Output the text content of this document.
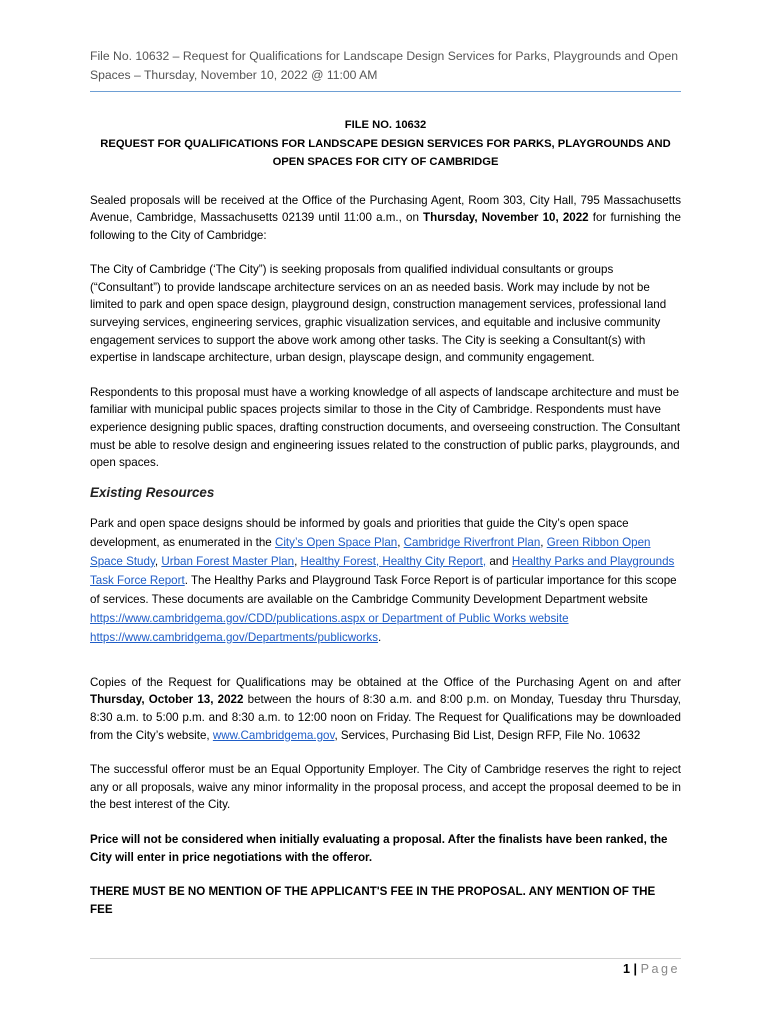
File No. 10632 – Request for Qualifications for Landscape Design Services for Parks, Playgrounds and Open Spaces – Thursday, November 10, 2022 @ 11:00 AM
FILE NO. 10632
REQUEST FOR QUALIFICATIONS FOR LANDSCAPE DESIGN SERVICES FOR PARKS, PLAYGROUNDS AND
OPEN SPACES FOR CITY OF CAMBRIDGE

Sealed proposals will be received at the Office of the Purchasing Agent, Room 303, City Hall, 795 Massachusetts Avenue, Cambridge, Massachusetts 02139 until 11:00 a.m., on Thursday, November 10, 2022 for furnishing the following to the City of Cambridge:

The City of Cambridge (‘The City”) is seeking proposals from qualified individual consultants or groups (“Consultant”) to provide landscape architecture services on an as needed basis. Work may include by not be limited to park and open space design, playground design, construction management services, professional land surveying services, engineering services, graphic visualization services, and equitable and inclusive community engagement services to support the above work among other tasks. The City is seeking a Consultant(s) with expertise in landscape architecture, urban design, playscape design, and community engagement.

Respondents to this proposal must have a working knowledge of all aspects of landscape architecture and must be familiar with municipal public spaces projects similar to those in the City of Cambridge. Respondents must have experience designing public spaces, drafting construction documents, and overseeing construction. The Consultant must be able to resolve design and engineering issues related to the construction of public parks, playgrounds, and open spaces.

Existing Resources

Park and open space designs should be informed by goals and priorities that guide the City’s open space development, as enumerated in the City’s Open Space Plan, Cambridge Riverfront Plan, Green Ribbon Open Space Study, Urban Forest Master Plan, Healthy Forest, Healthy City Report, and Healthy Parks and Playgrounds Task Force Report. The Healthy Parks and Playground Task Force Report is of particular importance for this scope of services. These documents are available on the Cambridge Community Development Department website https://www.cambridgema.gov/CDD/publications.aspx or Department of Public Works website https://www.cambridgema.gov/Departments/publicworks.

Copies of the Request for Qualifications may be obtained at the Office of the Purchasing Agent on and after Thursday, October 13, 2022 between the hours of 8:30 a.m. and 8:00 p.m. on Monday, Tuesday thru Thursday, 8:30 a.m. to 5:00 p.m. and 8:30 a.m. to 12:00 noon on Friday. The Request for Qualifications may be downloaded from the City’s website, www.Cambridgema.gov, Services, Purchasing Bid List, Design RFP, File No. 10632

The successful offeror must be an Equal Opportunity Employer. The City of Cambridge reserves the right to reject any or all proposals, waive any minor informality in the proposal process, and accept the proposal deemed to be in the best interest of the City.

Price will not be considered when initially evaluating a proposal. After the finalists have been ranked, the City will enter in price negotiations with the offeror.

THERE MUST BE NO MENTION OF THE APPLICANT'S FEE IN THE PROPOSAL. ANY MENTION OF THE FEE

1 | Page
